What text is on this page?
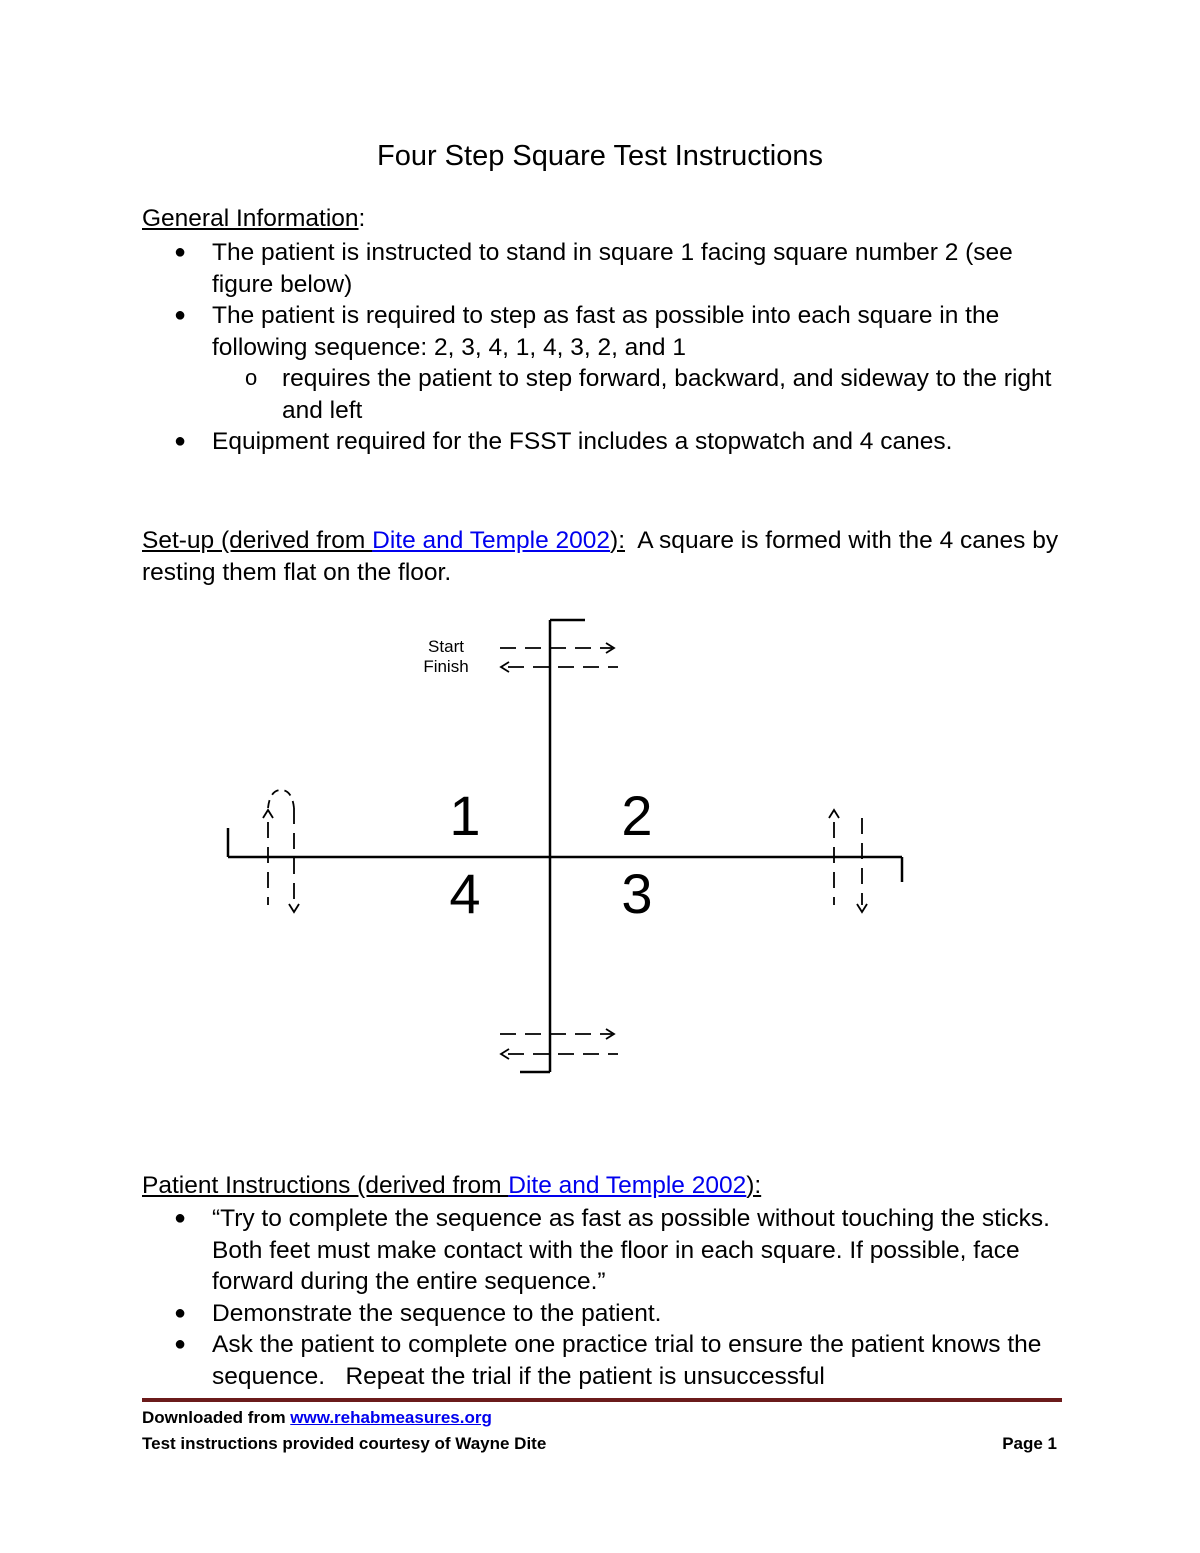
Four Step Square Test Instructions
General Information:
● The patient is instructed to stand in square 1 facing square number 2 (see figure below)
● The patient is required to step as fast as possible into each square in the following sequence: 2, 3, 4, 1, 4, 3, 2, and 1
o requires the patient to step forward, backward, and sideway to the right and left
● Equipment required for the FSST includes a stopwatch and 4 canes.
Set-up (derived from Dite and Temple 2002): A square is formed with the 4 canes by resting them flat on the floor.
Start
Finish
1	2
3
4
Patient Instructions (derived from Dite and Temple 2002):
● “Try to complete the sequence as fast as possible without touching the sticks. Both feet must make contact with the floor in each square. If possible, face forward during the entire sequence.”
● Demonstrate the sequence to the patient.
● Ask the patient to complete one practice trial to ensure the patient knows the sequence.   Repeat the trial if the patient is unsuccessful
Downloaded from www.rehabmeasures.org
Test instructions provided courtesy of Wayne Dite	Page 1
